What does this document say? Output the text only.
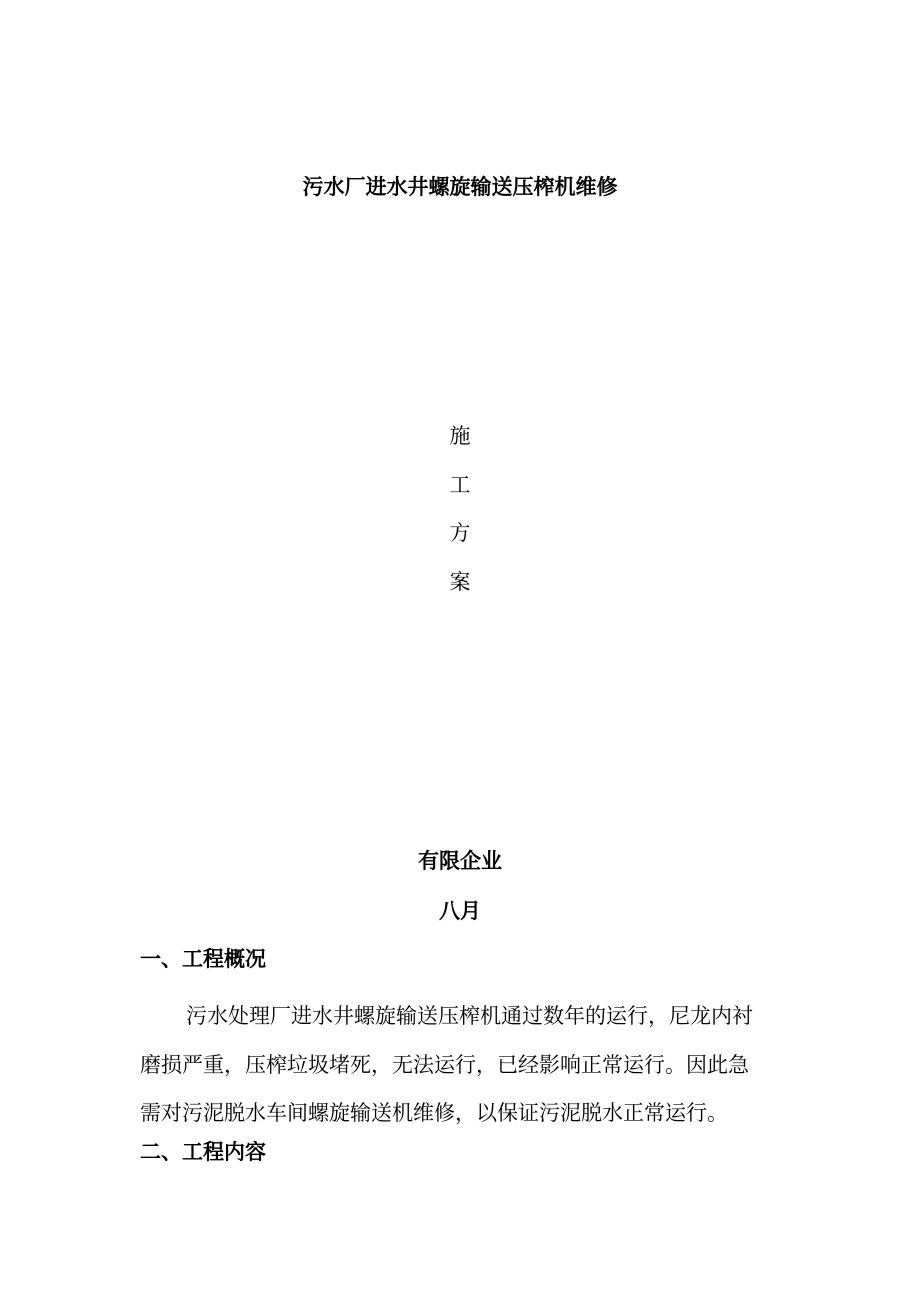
污水厂进水井螺旋输送压榨机维修
施
工
方
案
有限企业
八月
一、工程概况
污水处理厂进水井螺旋输送压榨机通过数年的运行，尼龙内衬
磨损严重，压榨垃圾堵死，无法运行，已经影响正常运行。因此急
需对污泥脱水车间螺旋输送机维修，以保证污泥脱水正常运行。
二、工程内容
